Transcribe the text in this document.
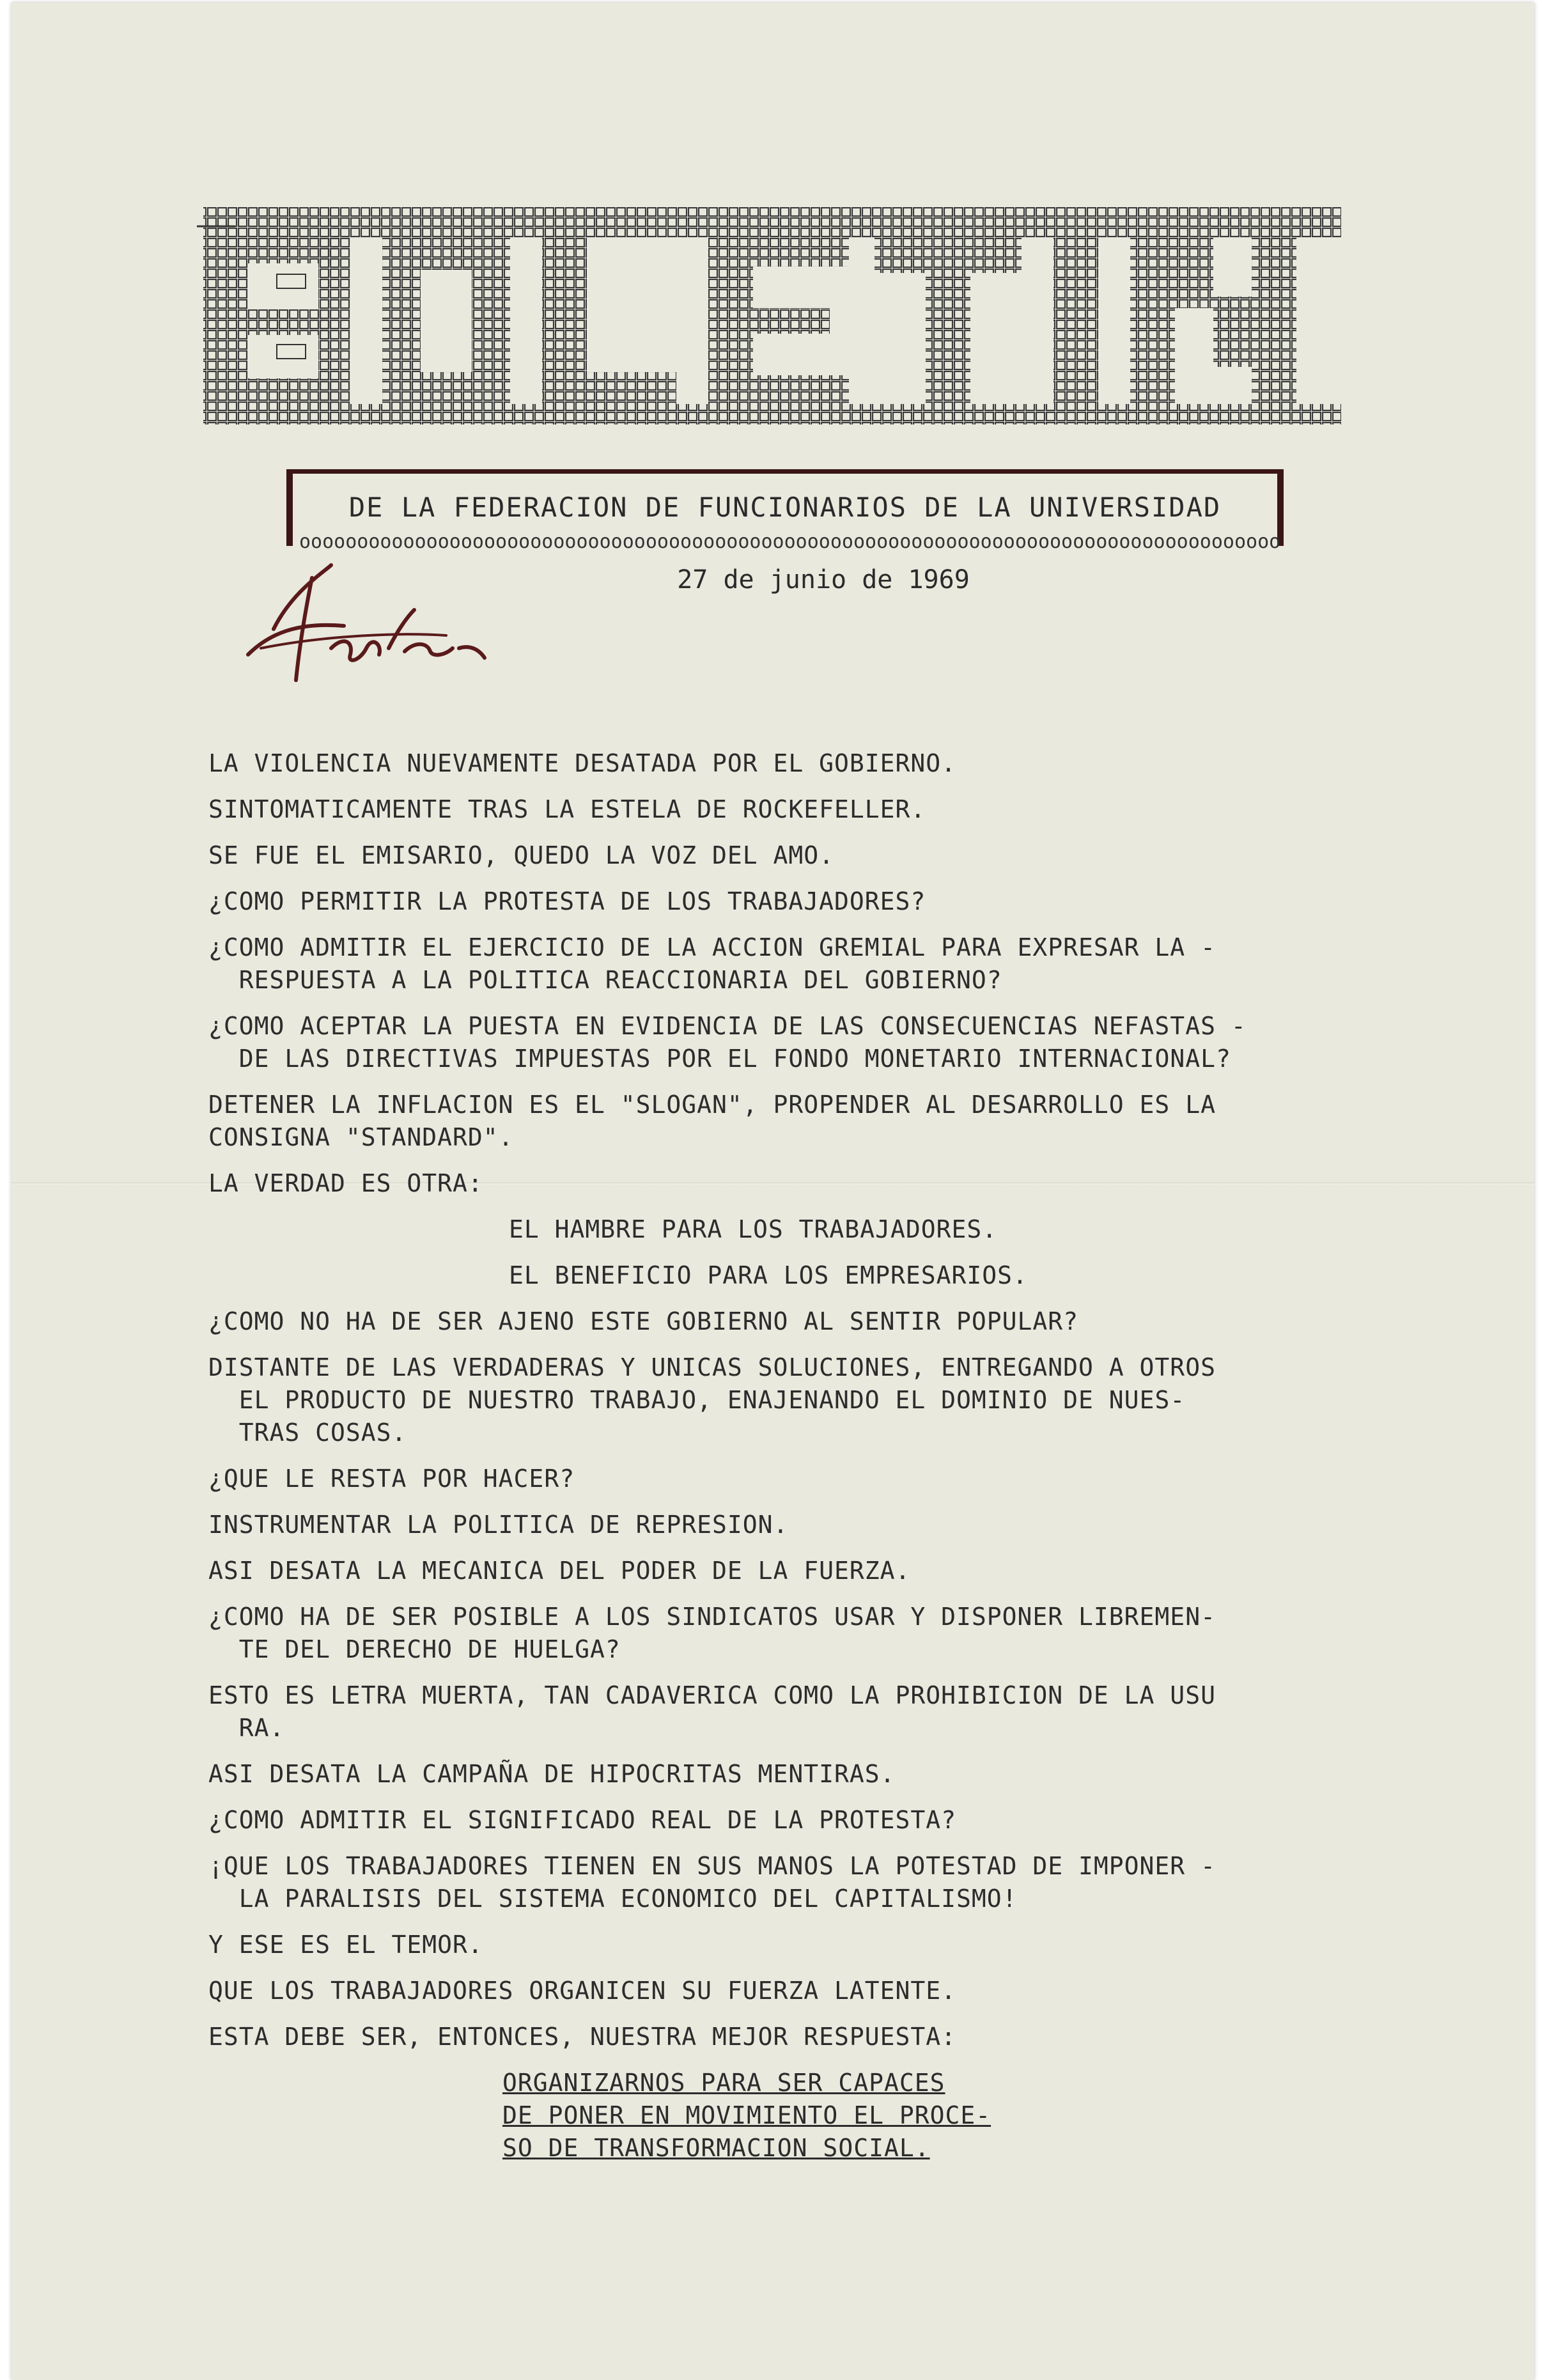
DE LA FEDERACION DE FUNCIONARIOS DE LA UNIVERSIDAD
ooooooooooooooooooooooooooooooooooooooooooooooooooooooooooooooooooooooooooooooooooooo
27 de junio de 1969

LA VIOLENCIA NUEVAMENTE DESATADA POR EL GOBIERNO.

SINTOMATICAMENTE TRAS LA ESTELA DE ROCKEFELLER.

SE FUE EL EMISARIO, QUEDO LA VOZ DEL AMO.

¿COMO PERMITIR LA PROTESTA DE LOS TRABAJADORES?

¿COMO ADMITIR EL EJERCICIO DE LA ACCION GREMIAL PARA EXPRESAR LA -
RESPUESTA A LA POLITICA REACCIONARIA DEL GOBIERNO?

¿COMO ACEPTAR LA PUESTA EN EVIDENCIA DE LAS CONSECUENCIAS NEFASTAS -
DE LAS DIRECTIVAS IMPUESTAS POR EL FONDO MONETARIO INTERNACIONAL?

DETENER LA INFLACION ES EL "SLOGAN", PROPENDER AL DESARROLLO ES LA
CONSIGNA "STANDARD".

LA VERDAD ES OTRA:

EL HAMBRE PARA LOS TRABAJADORES.

EL BENEFICIO PARA LOS EMPRESARIOS.

¿COMO NO HA DE SER AJENO ESTE GOBIERNO AL SENTIR POPULAR?

DISTANTE DE LAS VERDADERAS Y UNICAS SOLUCIONES, ENTREGANDO A OTROS
EL PRODUCTO DE NUESTRO TRABAJO, ENAJENANDO EL DOMINIO DE NUES-
TRAS COSAS.

¿QUE LE RESTA POR HACER?

INSTRUMENTAR LA POLITICA DE REPRESION.

ASI DESATA LA MECANICA DEL PODER DE LA FUERZA.

¿COMO HA DE SER POSIBLE A LOS SINDICATOS USAR Y DISPONER LIBREMEN-
TE DEL DERECHO DE HUELGA?

ESTO ES LETRA MUERTA, TAN CADAVERICA COMO LA PROHIBICION DE LA USU
RA.

ASI DESATA LA CAMPAÑA DE HIPOCRITAS MENTIRAS.

¿COMO ADMITIR EL SIGNIFICADO REAL DE LA PROTESTA?

¡QUE LOS TRABAJADORES TIENEN EN SUS MANOS LA POTESTAD DE IMPONER -
LA PARALISIS DEL SISTEMA ECONOMICO DEL CAPITALISMO!

Y ESE ES EL TEMOR.

QUE LOS TRABAJADORES ORGANICEN SU FUERZA LATENTE.

ESTA DEBE SER, ENTONCES, NUESTRA MEJOR RESPUESTA:

ORGANIZARNOS PARA SER CAPACES
DE PONER EN MOVIMIENTO EL PROCE-
SO DE TRANSFORMACION SOCIAL.
